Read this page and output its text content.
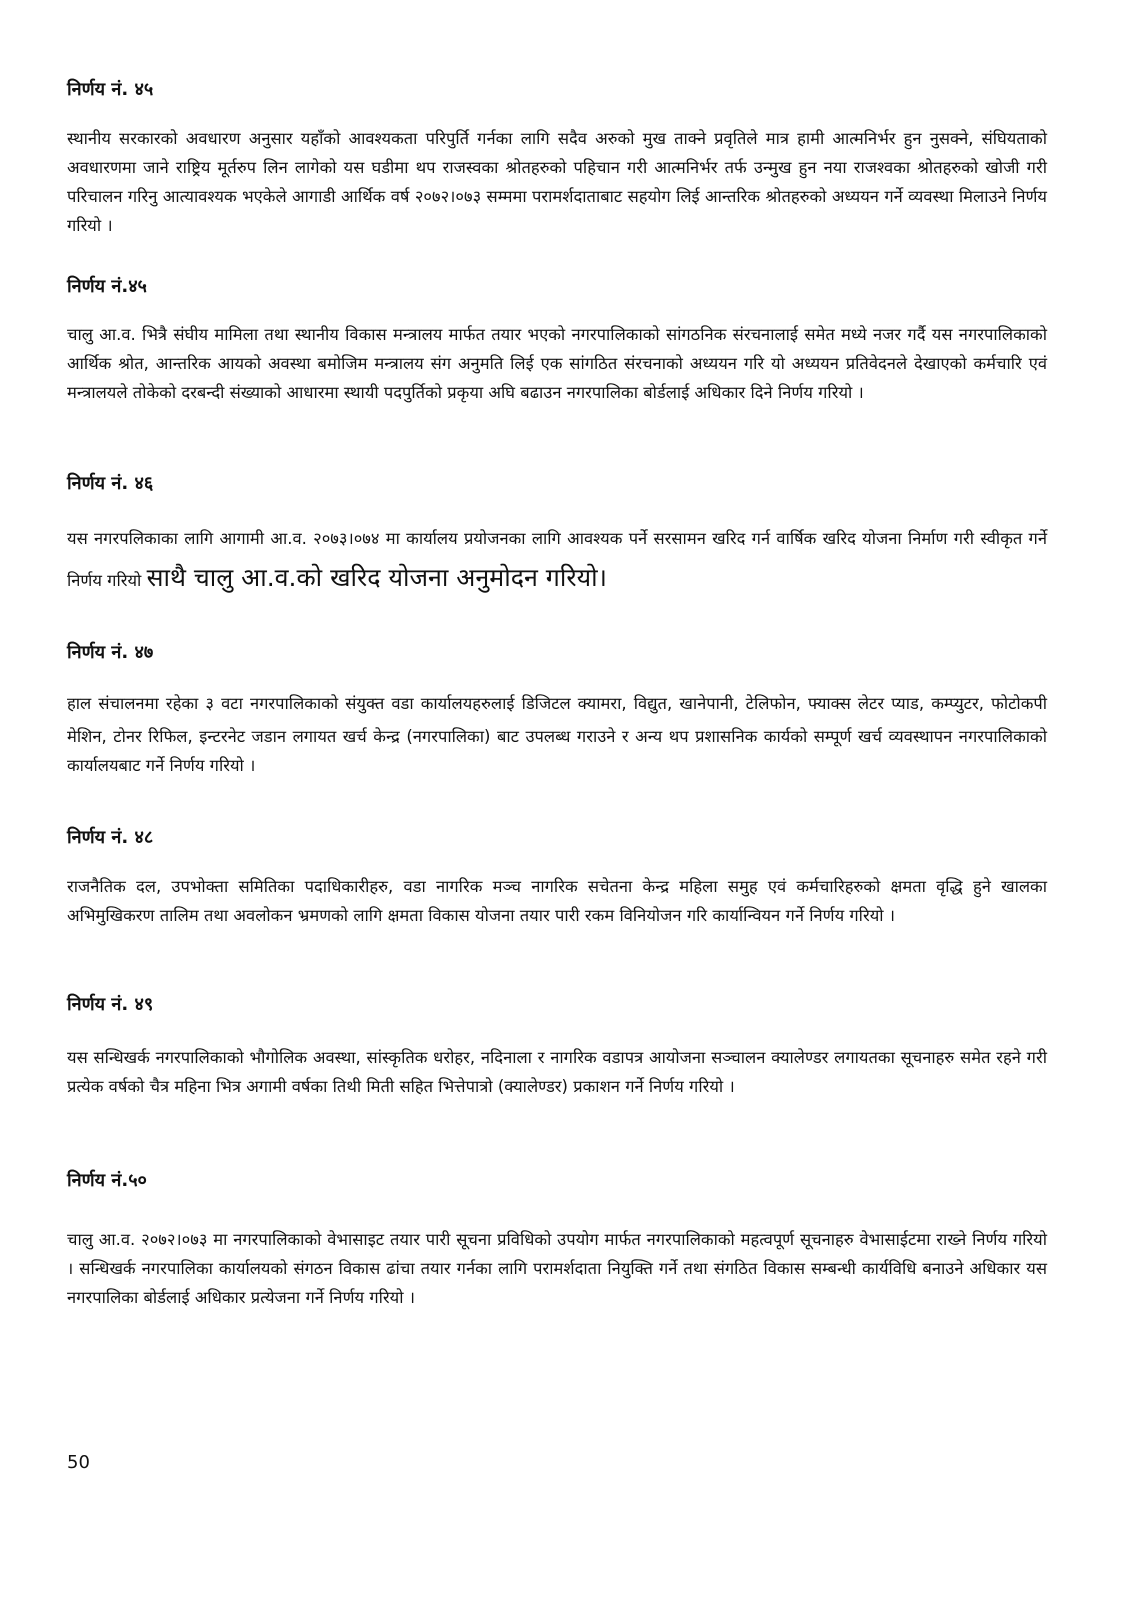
निर्णय नं. ४५

स्थानीय सरकारको अवधारण अनुसार यहाँको आवश्यकता परिपुर्ति गर्नका लागि सदैव अरुको मुख ताक्ने प्रवृतिले मात्र हामी आत्मनिर्भर हुन नुसक्ने, संघियताको अवधारणमा जाने राष्ट्रिय मूर्तरुप लिन लागेको यस घडीमा थप राजस्वका श्रोतहरुको पहिचान गरी आत्मनिर्भर तर्फ उन्मुख हुन नया राजश्वका श्रोतहरुको खोजी गरी परिचालन गरिनु आत्यावश्यक भएकेले आगाडी आर्थिक वर्ष २०७२।०७३ सम्ममा परामर्शदाताबाट सहयोग लिई आन्तरिक श्रोतहरुको अध्ययन गर्ने व्यवस्था मिलाउने निर्णय गरियो ।

निर्णय नं.४५

चालु आ.व. भित्रै संघीय मामिला तथा स्थानीय विकास मन्त्रालय मार्फत तयार भएको नगरपालिकाको सांगठनिक संरचनालाई समेत मध्ये नजर गर्दै यस नगरपालिकाको आर्थिक श्रोत, आन्तरिक आयको अवस्था बमोजिम मन्त्रालय संग अनुमति लिई एक सांगठित संरचनाको अध्ययन गरि यो अध्ययन प्रतिवेदनले देखाएको कर्मचारि एवं मन्त्रालयले तोकेको दरबन्दी संख्याको आधारमा स्थायी पदपुर्तिको प्रकृया अघि बढाउन नगरपालिका बोर्डलाई अधिकार दिने निर्णय गरियो ।

निर्णय नं. ४६

यस नगरपलिकाका लागि आगामी आ.व. २०७३।०७४ मा कार्यालय प्रयोजनका लागि आवश्यक पर्ने सरसामन खरिद गर्न वार्षिक खरिद योजना निर्माण गरी स्वीकृत गर्ने निर्णय गरियो साथै चालु आ.व.को खरिद योजना अनुमोदन गरियो।

निर्णय नं. ४७

हाल संचालनमा रहेका ३ वटा नगरपालिकाको संयुक्त वडा कार्यालयहरुलाई डिजिटल क्यामरा, विद्युत, खानेपानी, टेलिफोन, फ्याक्स लेटर प्याड, कम्प्युटर, फोटोकपी मेशिन, टोनर रिफिल, इन्टरनेट जडान लगायत खर्च केन्द्र (नगरपालिका) बाट उपलब्ध गराउने र अन्य थप प्रशासनिक कार्यको सम्पूर्ण खर्च व्यवस्थापन नगरपालिकाको कार्यालयबाट गर्ने निर्णय गरियो ।

निर्णय नं. ४८

राजनैतिक दल, उपभोक्ता समितिका पदाधिकारीहरु, वडा नागरिक मञ्च नागरिक सचेतना केन्द्र महिला समुह एवं कर्मचारिहरुको क्षमता वृद्धि हुने खालका अभिमुखिकरण तालिम तथा अवलोकन भ्रमणको लागि क्षमता विकास योजना तयार पारी रकम विनियोजन गरि कार्यान्वियन गर्ने निर्णय गरियो ।

निर्णय नं. ४९

यस सन्धिखर्क नगरपालिकाको भौगोलिक अवस्था, सांस्कृतिक धरोहर, नदिनाला र नागरिक वडापत्र आयोजना सञ्चालन क्यालेण्डर लगायतका सूचनाहरु समेत रहने गरी प्रत्येक वर्षको चैत्र महिना भित्र अगामी वर्षका तिथी मिती सहित भित्तेपात्रो (क्यालेण्डर) प्रकाशन गर्ने निर्णय गरियो ।

निर्णय नं.५०

चालु आ.व. २०७२।०७३ मा नगरपालिकाको वेभासाइट तयार पारी सूचना प्रविधिको उपयोग मार्फत नगरपालिकाको महत्वपूर्ण सूचनाहरु वेभासाईटमा राख्ने निर्णय गरियो । सन्धिखर्क नगरपालिका कार्यालयको संगठन विकास ढांचा तयार गर्नका लागि परामर्शदाता नियुक्ति गर्ने तथा संगठित विकास सम्बन्धी कार्यविधि बनाउने अधिकार यस नगरपालिका बोर्डलाई अधिकार प्रत्येजना गर्ने निर्णय गरियो ।

50
